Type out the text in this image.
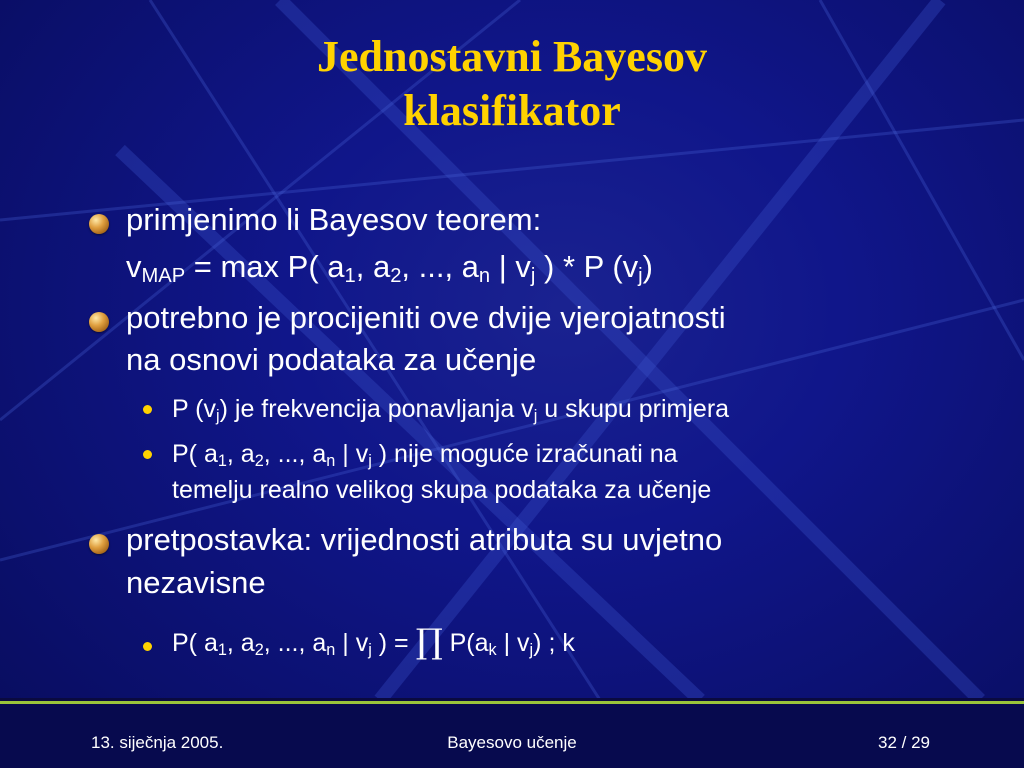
Jednostavni Bayesov
klasifikator
primjenimo li Bayesov teorem:
$v_{MAP} = \max P$( $a_1$, $a_2$, ..., $a_n$ | $v_j$ ) * P $(v_j)$
potrebno je procijeniti ove dvije vjerojatnosti
na osnovi podataka za učenje
P $(v_j)$ je frekvencija ponavljanja $v_j$ u skupu primjera
P( $a_1$, $a_2$, ..., $a_n$ | $v_j$ ) nije moguće izračunati na
temelju realno velikog skupa podataka za učenje
pretpostavka: vrijednosti atributa su uvjetno
nezavisne
P( $a_1$, $a_2$, ..., $a_n$ | $v_j$ ) = ∏ $P(a_k$ | $v_j$) ; k
13. siječnja 2005.	Bayesovo učenje	32 / 29
